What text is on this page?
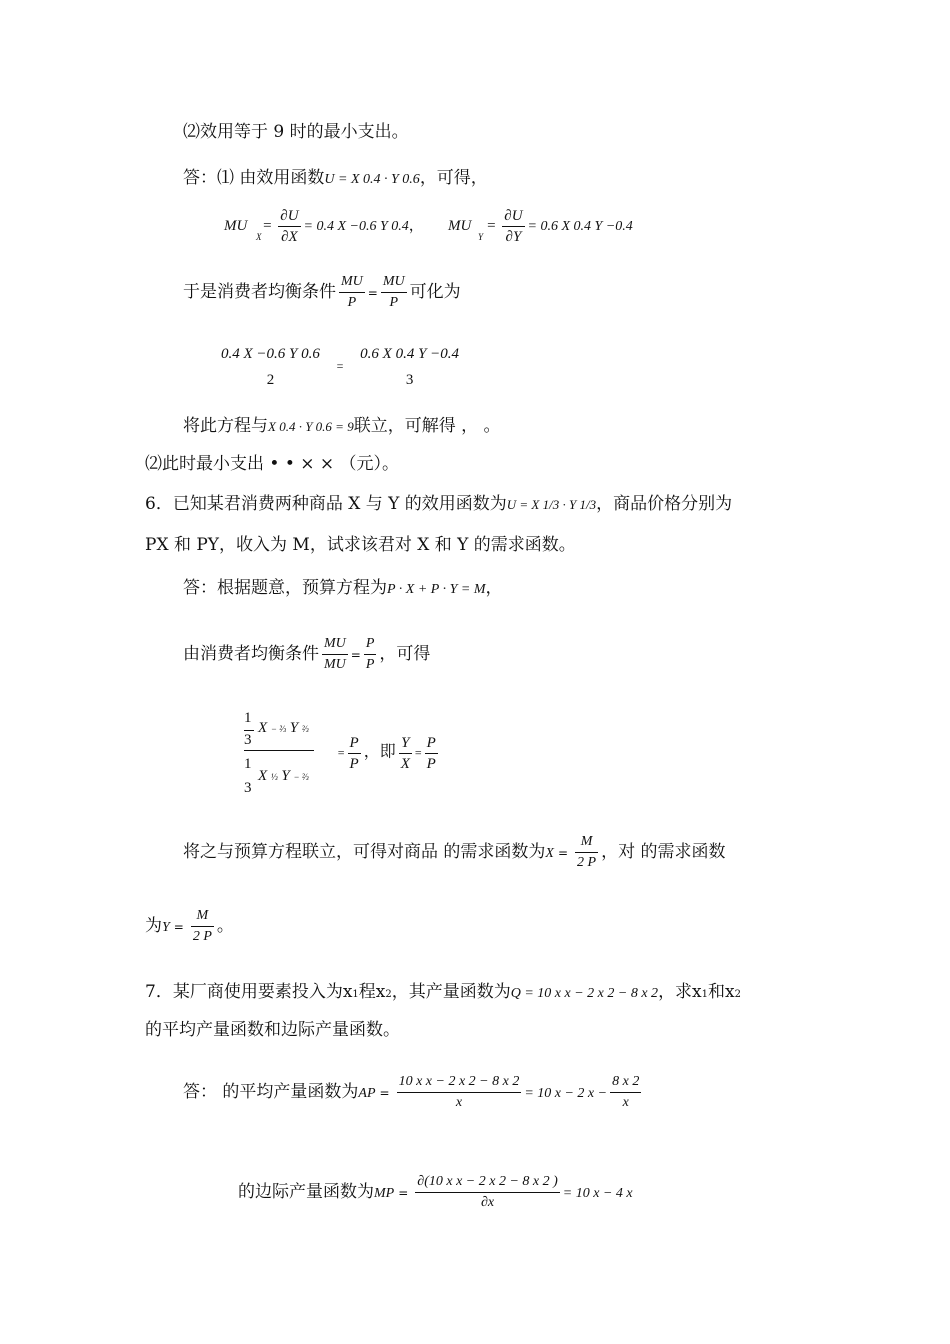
⑵效用等于 9 时的最小支出。
答：⑴ 由效用函数U = X 0.4 · Y 0.6，可得，
MU
X
= $\frac{\partial U}{\partial X} = 0.4$ X −0.6 Y 0.4， MU
Y
= $\frac{\partial U}{\partial Y} = 0.6$ X 0.4 Y −0.4
于是消费者均衡条件 $\frac{MU}{P} = \frac{MU}{P}$ 可化为
0.4 X −0.6 Y 0.6
2
=
0.6 X 0.4 Y −0.4
3
将此方程与X 0.4 · Y 0.6 = 9联立，可解得 ， 。
⑵此时最小支出 • • × × （元）。
6．已知某君消费两种商品 X 与 Y 的效用函数为U = X 1/3 · Y 1/3，商品价格分别为
PX 和 PY，收入为 M，试求该君对 X 和 Y 的需求函数。
答：根据题意，预算方程为P · X + P · Y = M，
由消费者均衡条件 $\frac{MU}{MU} = \frac{P}{P}$ ，可得
1
3
X − ⅔ Y ⅔
1
3
X ⅓ Y − ⅔
= $\frac{P}{P}$ ，即 $\frac{Y}{X} = \frac{P}{P}$
将之与预算方程联立，可得对商品 的需求函数为$X = \frac{M}{2 P}$ ，对 的需求函数
为$Y = \frac{M}{2 P}$ 。
7．某厂商使用要素投入为x1程x2，其产量函数为Q = 10 x x − 2 x 2 − 8 x 2，求x1和x2
的平均产量函数和边际产量函数。
答： 的平均产量函数为AP = $\frac{\text{10 x x − 2 x 2 − 8 x 2}}{x} = 10$ x − 2 $x - \frac{8 x 2}{x}$
的边际产量函数为MP = $\frac{\text{∂(10 x x − 2 x 2 − 8 x 2 )}}{\partial x} = 10$ x − 4 x
